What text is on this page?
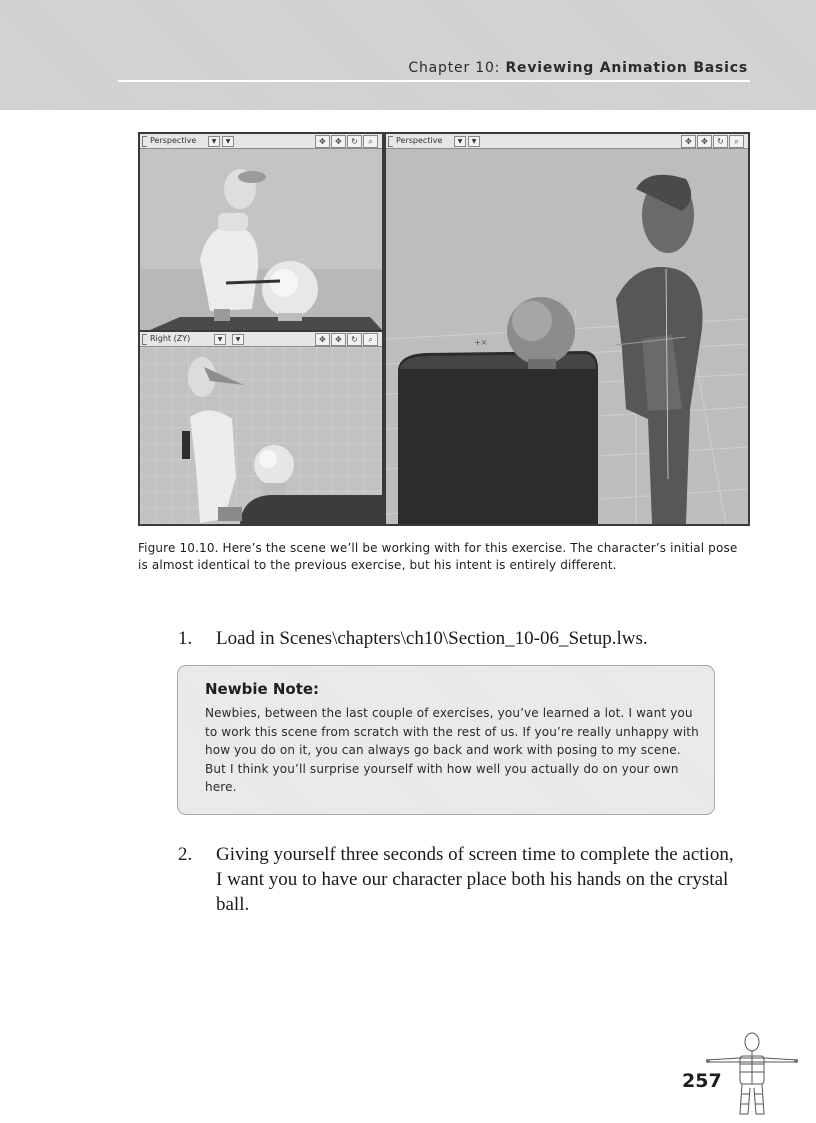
Chapter 10: Reviewing Animation Basics
Perspective	▼	▼	✥	✥	↻	⌕
Right (ZY)	▼	▼	✥	✥	↻	⌕
Perspective	▼	▼	✥	✥	↻	⌕
+×
Figure 10.10. Here’s the scene we’ll be working with for this exercise. The character’s initial pose is almost identical to the previous exercise, but his intent is entirely different.
1. Load in Scenes\chapters\ch10\Section_10-06_Setup.lws.
Newbie Note:
Newbies, between the last couple of exercises, you’ve learned a lot. I want you to work this scene from scratch with the rest of us. If you’re really unhappy with how you do on it, you can always go back and work with posing to my scene. But I think you’ll surprise yourself with how well you actually do on your own here.
2. Giving yourself three seconds of screen time to complete the action, I want you to have our character place both his hands on the crystal ball.
257
